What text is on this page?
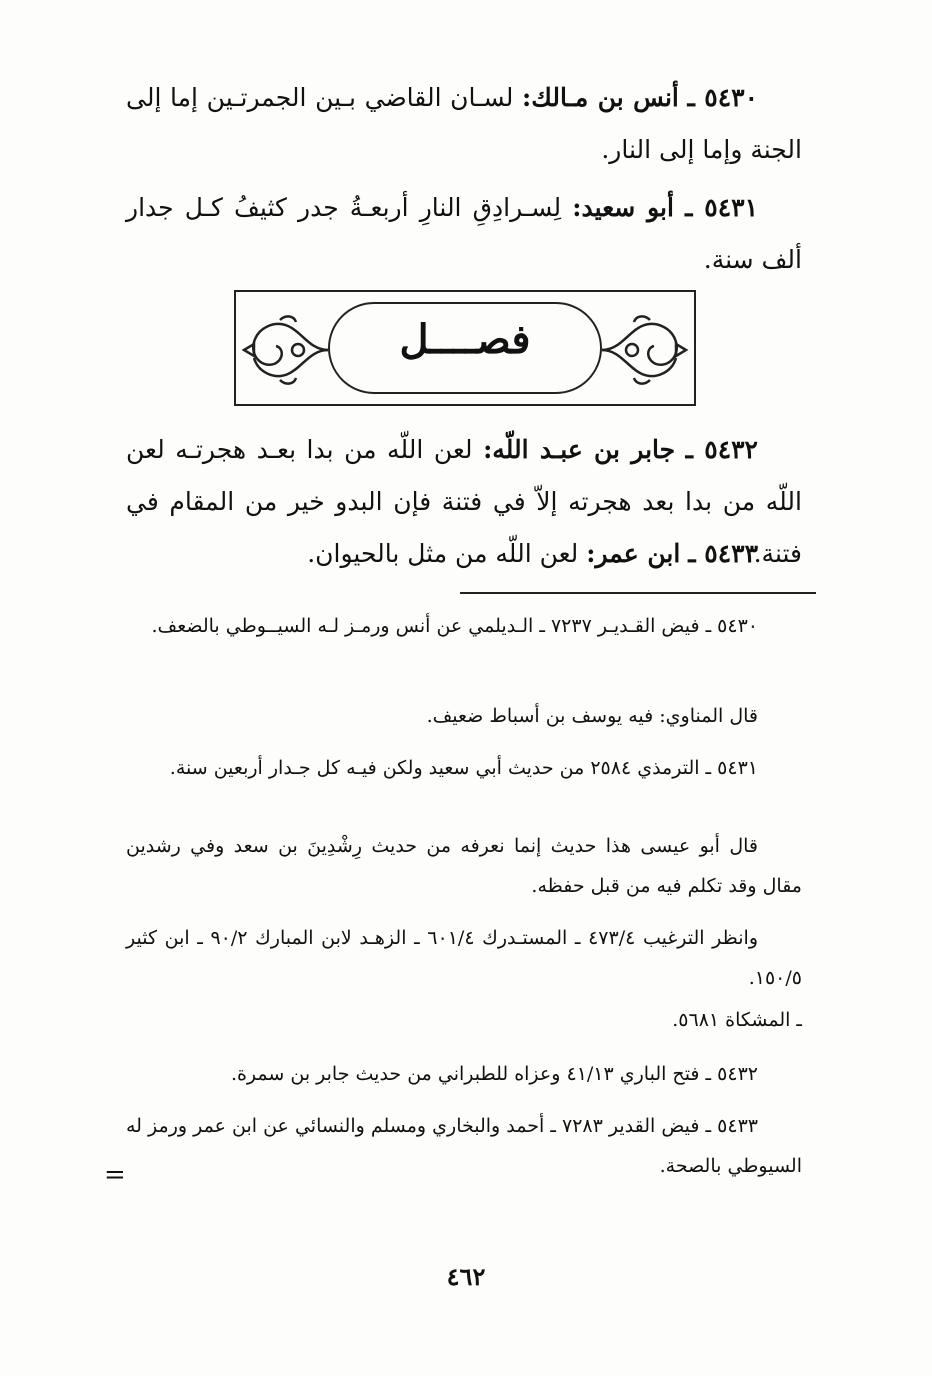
٥٤٣٠ ـ أنس بن مـالك: لسـان القاضي بـين الجمرتـين إما إلى الجنة وإما إلى النار.

٥٤٣١ ـ أبو سعيد: لِسـرادِقِ النارِ أربعـةُ جدر كثيفُ كـل جدار ألف سنة.

فصــــل

٥٤٣٢ ـ جابر بن عبـد اللّه: لعن اللّه من بدا بعـد هجرتـه لعن اللّه من بدا بعد هجرته إلاّ في فتنة فإن البدو خير من المقام في فتنة.

٥٤٣٣ ـ ابن عمر: لعن اللّه من مثل بالحيوان.

٥٤٣٠ ـ فيض القـديـر ٧٢٣٧ ـ الـديلمي عن أنس ورمـز لـه السيــوطي بالضعف.

قال المناوي: فيه يوسف بن أسباط ضعيف.

٥٤٣١ ـ الترمذي ٢٥٨٤ من حديث أبي سعيد ولكن فيـه كل جـدار أربعين سنة.

قال أبو عيسى هذا حديث إنما نعرفه من حديث رِشْدِينَ بن سعد وفي رشدين مقال وقد تكلم فيه من قبل حفظه.

وانظر الترغيب ٤٧٣/٤ ـ المستـدرك ٦٠١/٤ ـ الزهـد لابن المبارك ٩٠/٢ ـ ابن كثير ١٥٠/٥.

ـ المشكاة ٥٦٨١.

٥٤٣٢ ـ فتح الباري ٤١/١٣ وعزاه للطبراني من حديث جابر بن سمرة.

٥٤٣٣ ـ فيض القدير ٧٢٨٣ ـ أحمد والبخاري ومسلم والنسائي عن ابن عمر ورمز له السيوطي بالصحة.

=
٤٦٢
